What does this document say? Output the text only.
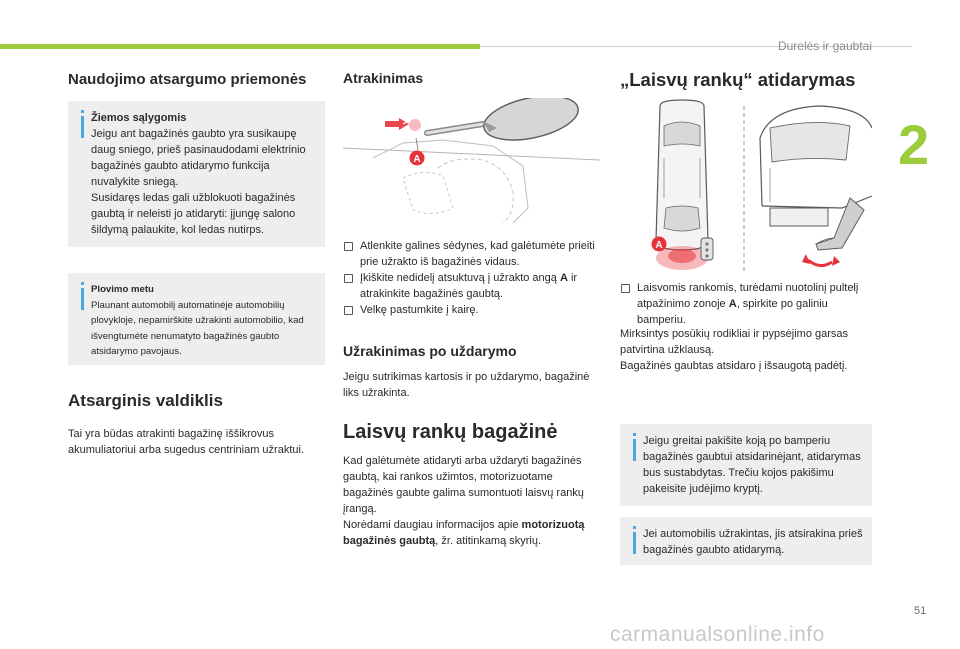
Durelės ir gaubtai
2
51
carmanualsonline.info
Naudojimo atsargumo priemonės
Žiemos sąlygomis
Jeigu ant bagažinės gaubto yra susikaupę daug sniego, prieš pasinaudodami elektrinio bagažinės gaubto atidarymo funkcija nuvalykite sniegą.
Susidaręs ledas gali užblokuoti bagažinės gaubtą ir neleisti jo atidaryti: įjungę salono šildymą palaukite, kol ledas nutirps.
Plovimo metu
Plaunant automobilį automatinėje automobilių plovykloje, nepamirškite užrakinti automobilio, kad išvengtumėte nenumatyto bagažinės gaubto atsidarymo pavojaus.
Atsarginis valdiklis

Tai yra būdas atrakinti bagažinę iššikrovus akumuliatoriui arba sugedus centriniam užraktui.

Atrakinimas
A
Atlenkite galines sėdynes, kad galėtumėte prieiti prie užrakto iš bagažinės vidaus.
Įkiškite nedidelį atsuktuvą į užrakto angą A ir atrakinkite bagažinės gaubtą.
Velkę pastumkite į kairę.
Užrakinimas po uždarymo

Jeigu sutrikimas kartosis ir po uždarymo, bagažinė liks užrakinta.

Laisvų rankų bagažinė

Kad galėtumėte atidaryti arba uždaryti bagažinės gaubtą, kai rankos užimtos, motorizuotame bagažinės gaubte galima sumontuoti laisvų rankų įrangą.
Norėdami daugiau informacijos apie motorizuotą bagažinės gaubtą, žr. atitinkamą skyrių.

„Laisvų rankų“ atidarymas
A
Laisvomis rankomis, turėdami nuotolinį pultelį atpažinimo zonoje A, spirkite po galiniu bamperiu.

Mirksintys posūkių rodikliai ir pypsėjimo garsas patvirtina užklausą.
Bagažinės gaubtas atsidaro į išsaugotą padėtį.

Jeigu greitai pakišite koją po bamperiu bagažinės gaubtui atsidarinėjant, atidarymas bus sustabdytas. Trečiu kojos pakišimu pakeisite judėjimo kryptį.
Jei automobilis užrakintas, jis atsirakina prieš bagažinės gaubto atidarymą.
